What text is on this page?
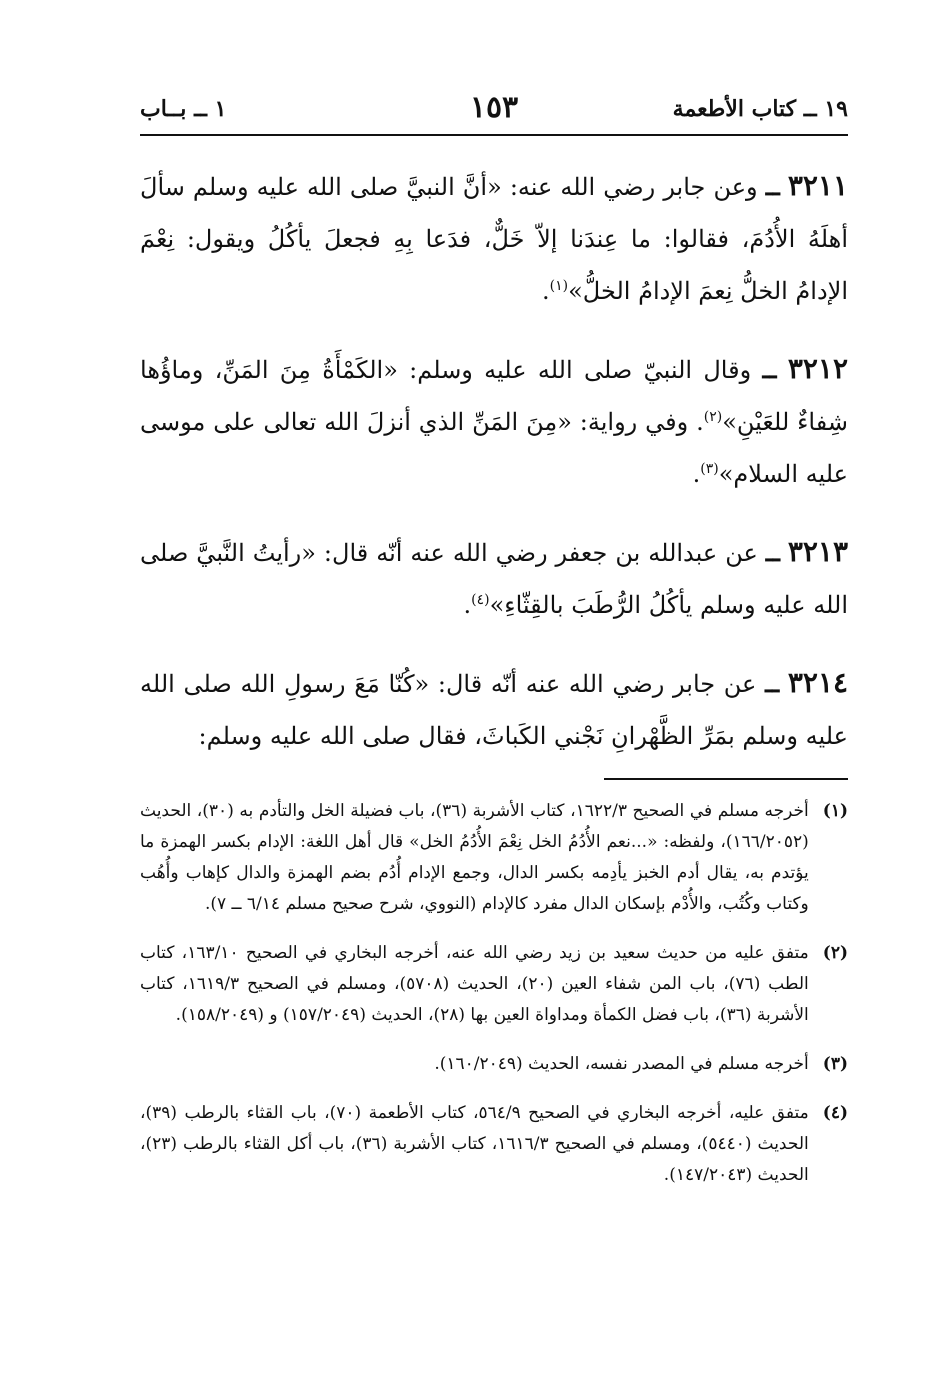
١٩ ــ كتاب الأطعمة
١٥٣
١ ــ بــاب

٣٢١١ ــ وعن جابر رضي الله عنه: «أنَّ النبيَّ صلى الله عليه وسلم سألَ أهلَهُ الأُدُمَ، فقالوا: ما عِندَنا إلاّ خَلٌّ، فدَعا بِهِ فجعلَ يأكُلُ ويقول: نِعْمَ الإدامُ الخلُّ نِعمَ الإدامُ الخلُّ»$^{(١)}$.

٣٢١٢ ــ وقال النبيّ صلى الله عليه وسلم: «الكَمْأَةُ مِنَ المَنِّ، وماؤُها شِفاءٌ للعَيْنِ»$^{(٢)}$. وفي رواية: «مِنَ المَنِّ الذي أنزلَ الله تعالى على موسى عليه السلام»$^{(٣)}$.

٣٢١٣ ــ عن عبدالله بن جعفر رضي الله عنه أنّه قال: «رأيتُ النَّبيَّ صلى الله عليه وسلم يأكُلُ الرُّطَبَ بالقِثّاءِ»$^{(٤)}$.

٣٢١٤ ــ عن جابر رضي الله عنه أنّه قال: «كُنّا مَعَ رسولِ الله صلى الله عليه وسلم بمَرِّ الظَّهْرانِ نَجْني الكَباثَ، فقال صلى الله عليه وسلم:

(١)
أخرجه مسلم في الصحيح ١٦٢٢/٣، كتاب الأشربة (٣٦)، باب فضيلة الخل والتأدم به (٣٠)، الحديث (١٦٦/٢٠٥٢)، ولفظه: «...نعم الأُدُمُ الخل نِعْمَ الأُدُمُ الخل» قال أهل اللغة: الإدام بكسر الهمزة ما يؤتدم به، يقال أدم الخبز يأدِمه بكسر الدال، وجمع الإدام أُدُم بضم الهمزة والدال كإهاب وأُهُب وكتاب وكُتُب، والأُدْم بإسكان الدال مفرد كالإدام (النووي، شرح صحيح مسلم ٦/١٤ ــ ٧).
(٢)
متفق عليه من حديث سعيد بن زيد رضي الله عنه، أخرجه البخاري في الصحيح ١٦٣/١٠، كتاب الطب (٧٦)، باب المن شفاء العين (٢٠)، الحديث (٥٧٠٨)، ومسلم في الصحيح ١٦١٩/٣، كتاب الأشربة (٣٦)، باب فضل الكمأة ومداواة العين بها (٢٨)، الحديث (١٥٧/٢٠٤٩) و (١٥٨/٢٠٤٩).
(٣)
أخرجه مسلم في المصدر نفسه، الحديث (١٦٠/٢٠٤٩).
(٤)
متفق عليه، أخرجه البخاري في الصحيح ٥٦٤/٩، كتاب الأطعمة (٧٠)، باب القثاء بالرطب (٣٩)، الحديث (٥٤٤٠)، ومسلم في الصحيح ١٦١٦/٣، كتاب الأشربة (٣٦)، باب أكل القثاء بالرطب (٢٣)، الحديث (١٤٧/٢٠٤٣).
